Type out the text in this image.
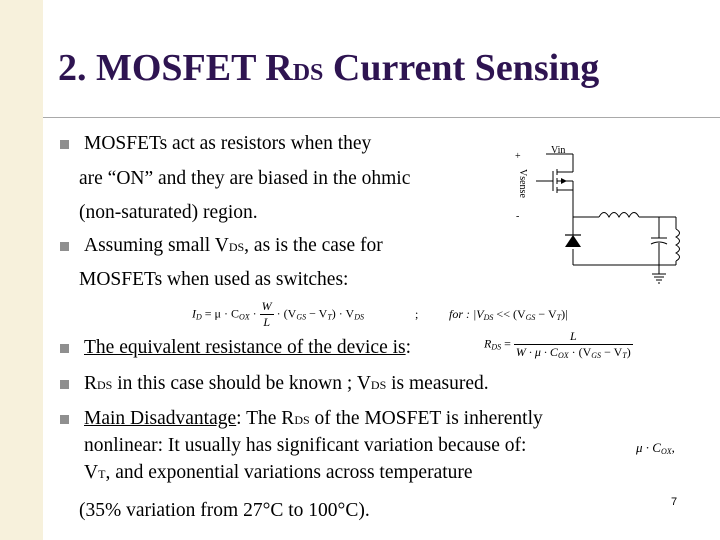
2. MOSFET RDS Current Sensing
MOSFETs act as resistors when they
are “ON” and they are biased in the ohmic
(non-saturated) region.
Assuming small VDS, as is the case for
MOSFETs when used as switches:
$I_D = \mu \cdot C_{OX} \cdot \frac{W}{L} \cdot (V_{GS} - V_T) \cdot V_{DS}$	;	for : $|V_{DS} << (V_{GS} - V_T)|$
The equivalent resistance of the device is:	$R_{DS} = \frac{L}{W \cdot \mu \cdot C_{OX} \cdot (V_{GS} - V_T)}$
RDS in this case should be known ; VDS is measured.
Main Disadvantage: The RDS of the MOSFET is inherently
nonlinear: It usually has significant variation because of:	$\mu \cdot C_{OX}$,
VT, and exponential variations across temperature
(35% variation from 27°C to 100°C).
Vin
+
-
Vsense
7
